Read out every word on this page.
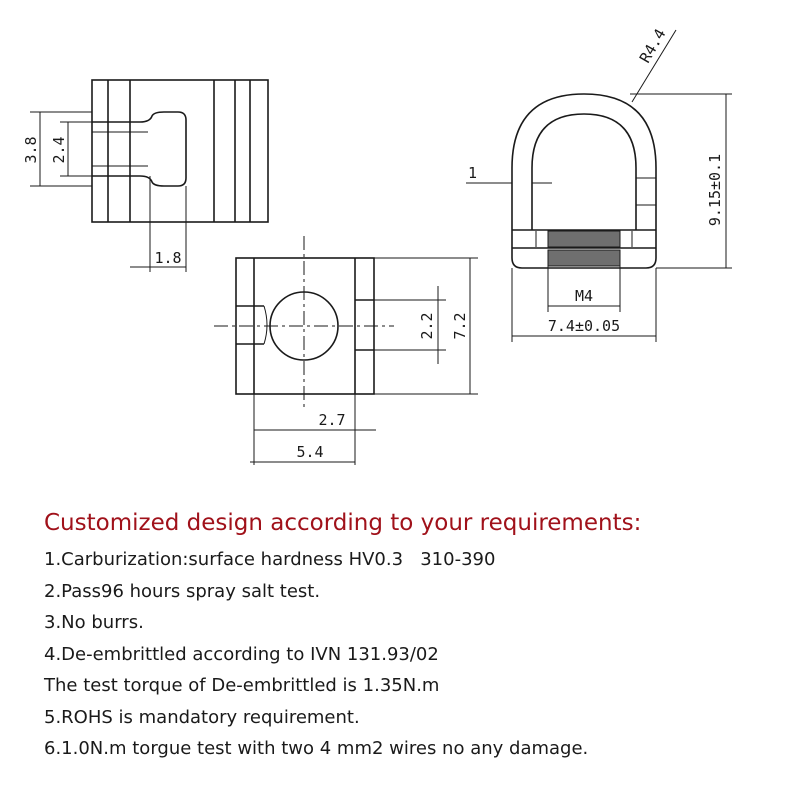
3.8 2.4
1.8
2.2 7.2
2.7
5.4
R4.4
1
M4
7.4±0.05
9.15±0.1

Customized design according to your requirements:

1.Carburization:surface hardness HV0.3   310-390

2.Pass96 hours spray salt test.

3.No burrs.

4.De-embrittled according to IVN 131.93/02

The test torque of De-embrittled is 1.35N.m

5.ROHS is mandatory requirement.

6.1.0N.m torgue test with two 4 mm2 wires no any damage.
